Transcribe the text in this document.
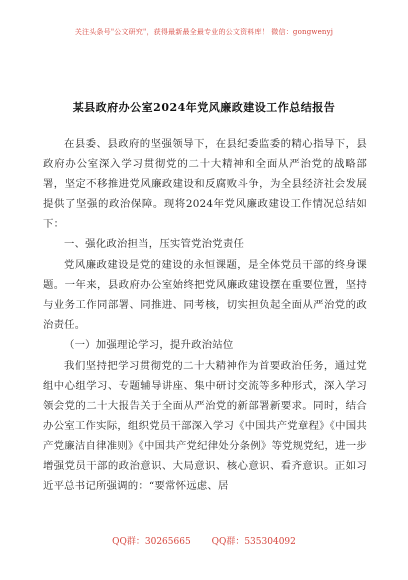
关注头条号"公文研究"，获得最新最全最专业的公文资料库！ 微信：gongwenyj
某县政府办公室2024年党风廉政建设工作总结报告

在县委、县政府的坚强领导下，在县纪委监委的精心指导下，县政府办公室深入学习贯彻党的二十大精神和全面从严治党的战略部署，坚定不移推进党风廉政建设和反腐败斗争，为全县经济社会发展提供了坚强的政治保障。现将2024年党风廉政建设工作情况总结如下：

一、强化政治担当，压实管党治党责任

党风廉政建设是党的建设的永恒课题，是全体党员干部的终身课题。一年来，县政府办公室始终把党风廉政建设摆在重要位置，坚持与业务工作同部署、同推进、同考核，切实担负起全面从严治党的政治责任。

（一）加强理论学习，提升政治站位

我们坚持把学习贯彻党的二十大精神作为首要政治任务，通过党组中心组学习、专题辅导讲座、集中研讨交流等多种形式，深入学习领会党的二十大报告关于全面从严治党的新部署新要求。同时，结合办公室工作实际，组织党员干部深入学习《中国共产党章程》《中国共产党廉洁自律准则》《中国共产党纪律处分条例》等党规党纪，进一步增强党员干部的政治意识、大局意识、核心意识、看齐意识。正如习近平总书记所强调的：“要常怀远虑、居

QQ群：30265665 QQ群：535304092
